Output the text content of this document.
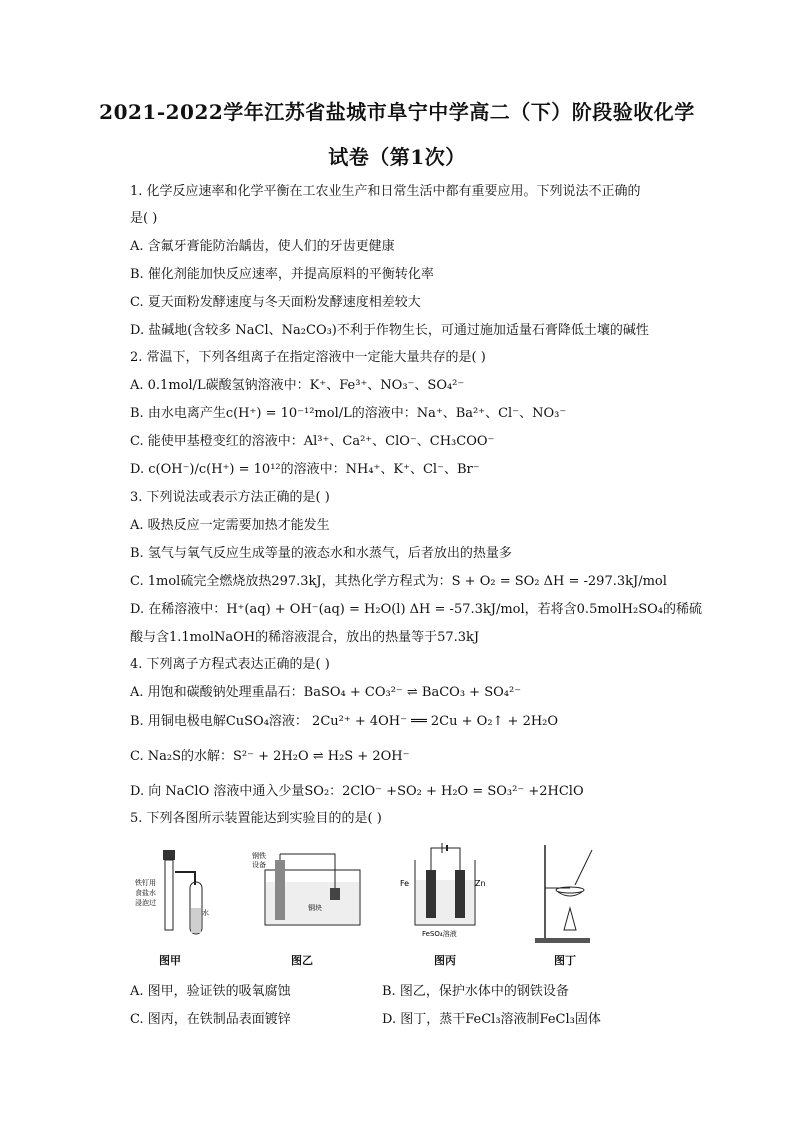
2021-2022学年江苏省盐城市阜宁中学高二（下）阶段验收化学
试卷（第1次）
1. 化学反应速率和化学平衡在工农业生产和日常生活中都有重要应用。下列说法不正确的
是( )
A. 含氟牙膏能防治龋齿，使人们的牙齿更健康
B. 催化剂能加快反应速率，并提高原料的平衡转化率
C. 夏天面粉发酵速度与冬天面粉发酵速度相差较大
D. 盐碱地(含较多 NaCl、Na₂CO₃)不利于作物生长，可通过施加适量石膏降低土壤的碱性
2. 常温下，下列各组离子在指定溶液中一定能大量共存的是( )
A. 0.1mol/L碳酸氢钠溶液中：K⁺、Fe³⁺、NO₃⁻、SO₄²⁻
B. 由水电离产生c(H⁺) = 10⁻¹²mol/L的溶液中：Na⁺、Ba²⁺、Cl⁻、NO₃⁻
C. 能使甲基橙变红的溶液中：Al³⁺、Ca²⁺、ClO⁻、CH₃COO⁻
D. c(OH⁻)/c(H⁺) = 10¹²的溶液中：NH₄⁺、K⁺、Cl⁻、Br⁻
3. 下列说法或表示方法正确的是( )
A. 吸热反应一定需要加热才能发生
B. 氢气与氧气反应生成等量的液态水和水蒸气，后者放出的热量多
C. 1mol硫完全燃烧放热297.3kJ，其热化学方程式为：S + O₂ = SO₂ ΔH = -297.3kJ/mol
D. 在稀溶液中：H⁺(aq) + OH⁻(aq) = H₂O(l) ΔH = -57.3kJ/mol，若将含0.5molH₂SO₄的稀硫
酸与含1.1molNaOH的稀溶液混合，放出的热量等于57.3kJ
4. 下列离子方程式表达正确的是( )
A. 用饱和碳酸钠处理重晶石：BaSO₄ + CO₃²⁻ ⇌ BaCO₃ + SO₄²⁻
B. 用铜电极电解CuSO₄溶液： 2Cu²⁺ + 4OH⁻ ══ 2Cu + O₂↑ + 2H₂O
C. Na₂S的水解：S²⁻ + 2H₂O ⇌ H₂S + 2OH⁻
D. 向 NaClO 溶液中通入少量SO₂：2ClO⁻ +SO₂ + H₂O = SO₃²⁻ +2HClO
5. 下列各图所示装置能达到实验目的的是( )
水
铁钉用
食盐水
浸泡过
钢铁
设备
铜块
Fe	Zn
FeSO₄溶液
图甲	图乙	图丙	图丁
A. 图甲，验证铁的吸氧腐蚀	B. 图乙，保护水体中的钢铁设备
C. 图丙，在铁制品表面镀锌	D. 图丁，蒸干FeCl₃溶液制FeCl₃固体
